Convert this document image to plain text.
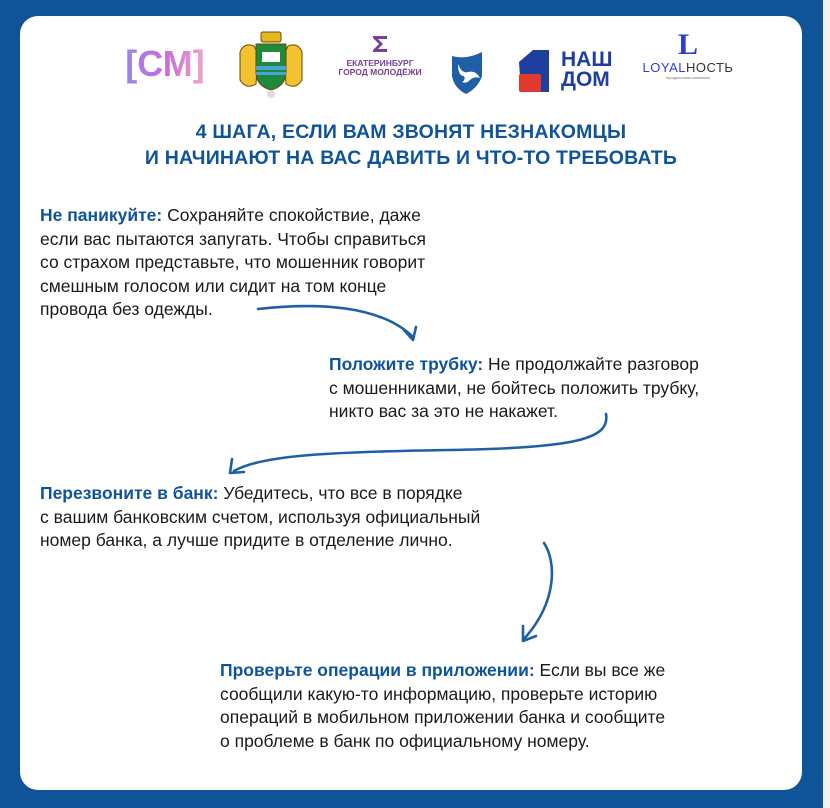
[СМ]	ЕКАТЕРИНБУРГ
ГОРОД МОЛОДЁЖИ
НАШ
ДОМ
L
LOYALНОСТЬ
юридическая компания
4 ШАГА, ЕСЛИ ВАМ ЗВОНЯТ НЕЗНАКОМЦЫ
И НАЧИНАЮТ НА ВАС ДАВИТЬ И ЧТО-ТО ТРЕБОВАТЬ
Не паникуйте: Сохраняйте спокойствие, даже
если вас пытаются запугать. Чтобы справиться
со страхом представьте, что мошенник говорит
смешным голосом или сидит на том конце
провода без одежды.
Положите трубку: Не продолжайте разговор
с мошенниками, не бойтесь положить трубку,
никто вас за это не накажет.
Перезвоните в банк: Убедитесь, что все в порядке
с вашим банковским счетом, используя официальный
номер банка, а лучше придите в отделение лично.
Проверьте операции в приложении: Если вы все же
сообщили какую-то информацию, проверьте историю
операций в мобильном приложении банка и сообщите
о проблеме в банк по официальному номеру.
